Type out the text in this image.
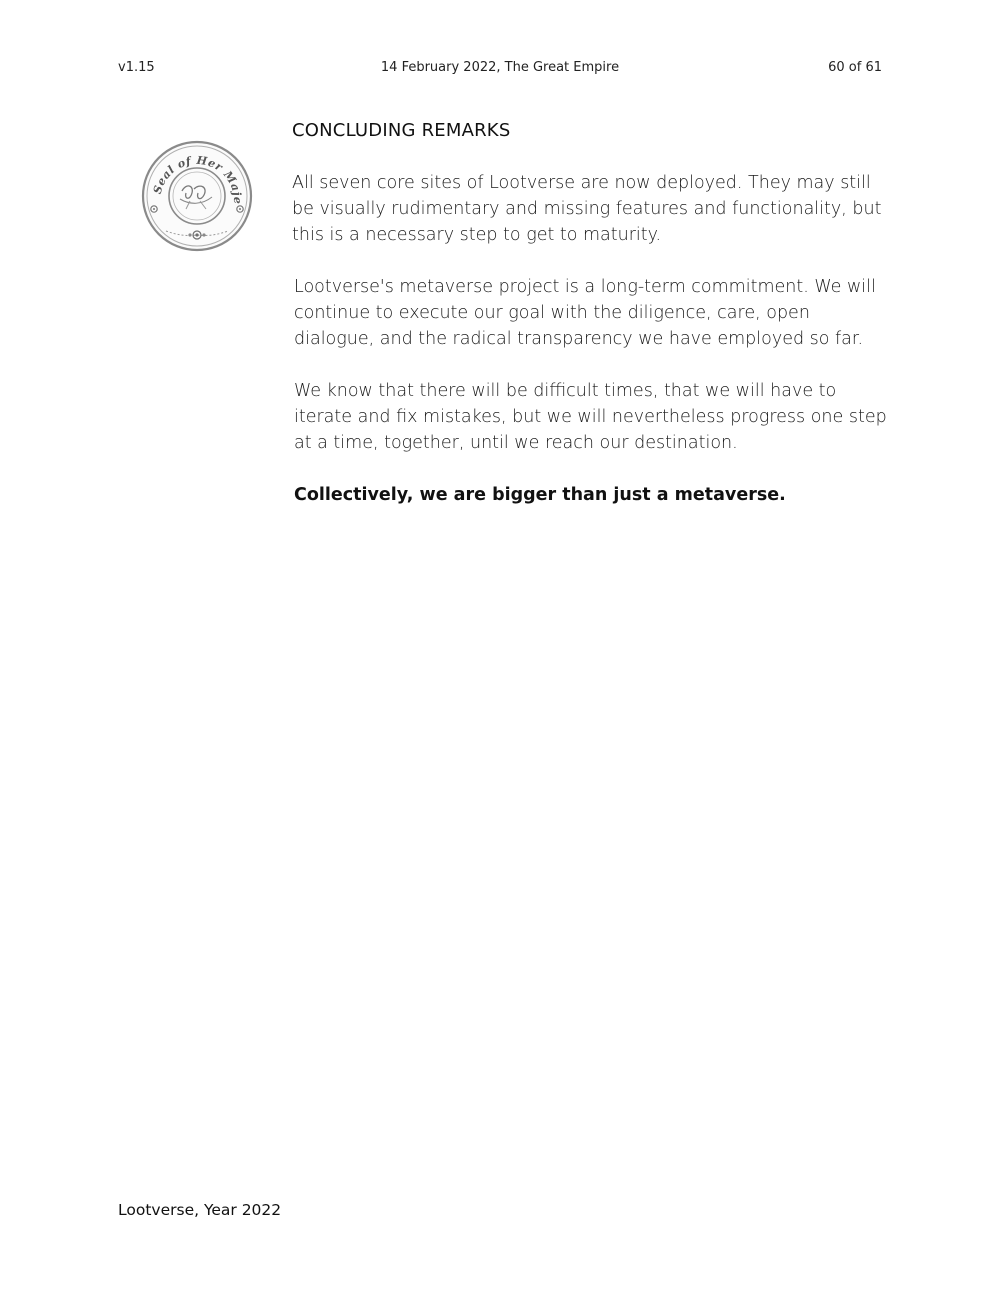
v1.15	14 February 2022, The Great Empire	60 of 61
Seal of Her Maje
CONCLUDING REMARKS

All seven core sites of Lootverse are now deployed. They may still be visually rudimentary and missing features and functionality, but this is a necessary step to get to maturity.

Lootverse's metaverse project is a long-term commitment. We will continue to execute our goal with the diligence, care, open dialogue, and the radical transparency we have employed so far.

We know that there will be difficult times, that we will have to iterate and fix mistakes, but we will nevertheless progress one step at a time, together, until we reach our destination.

Collectively, we are bigger than just a metaverse.

Lootverse, Year 2022
